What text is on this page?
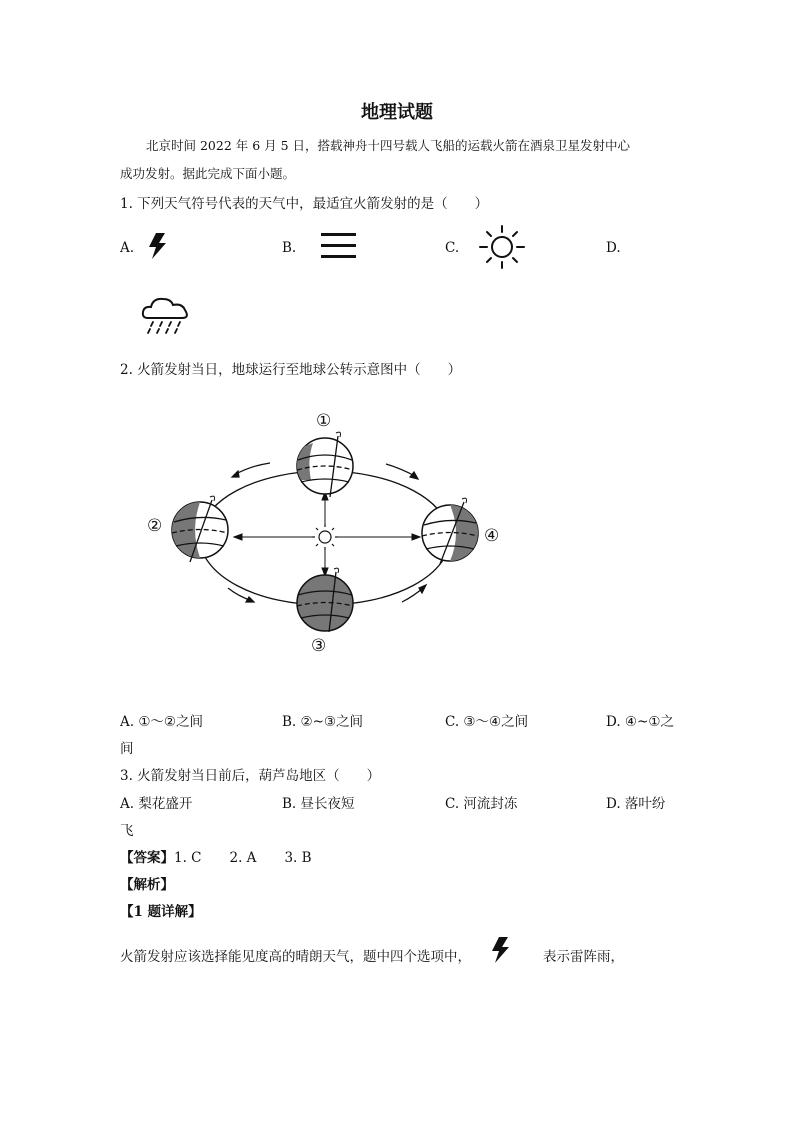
地理试题
北京时间 2022 年 6 月 5 日，搭载神舟十四号载人飞船的运载火箭在酒泉卫星发射中心
成功发射。据此完成下面小题。
1. 下列天气符号代表的天气中，最适宜火箭发射的是（　　）
A.	B.	C.	D.
2. 火箭发射当日，地球运行至地球公转示意图中（　　）
①
②
③
④
A. ①～②之间	B. ②~③之间	C. ③～④之间	D. ④~①之
间
3. 火箭发射当日前后，葫芦岛地区（　　）
A. 梨花盛开	B. 昼长夜短	C. 河流封冻	D. 落叶纷
飞
【答案】1. C 2. A 3. B
【解析】
【1 题详解】
火箭发射应该选择能见度高的晴朗天气，题中四个选项中，	表示雷阵雨，
